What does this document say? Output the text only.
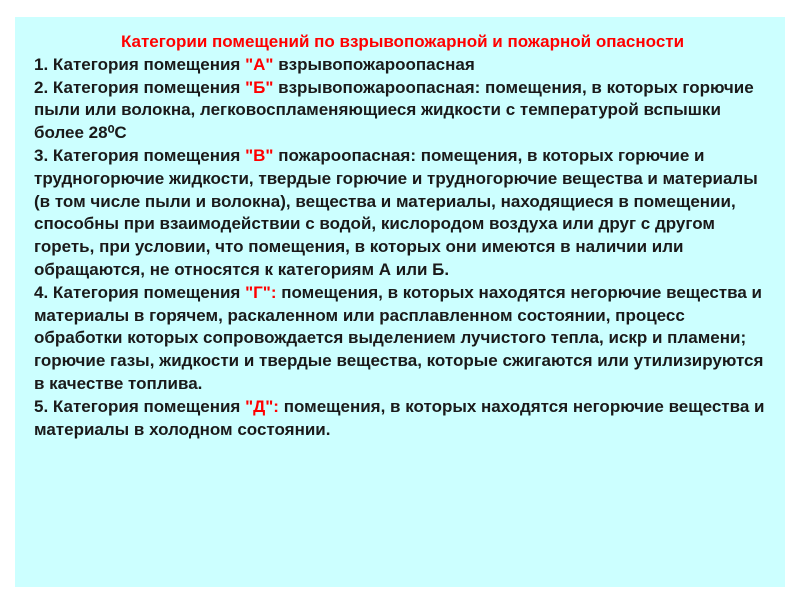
Категории помещений по взрывопожарной и пожарной опасности

1. Категория помещения "А" взрывопожароопасная

2. Категория помещения "Б" взрывопожароопасная: помещения, в которых горючие пыли или волокна, легковоспламеняющиеся жидкости с температурой вспышки более 28⁰С

3. Категория помещения "В" пожароопасная: помещения, в которых горючие и трудногорючие жидкости, твердые горючие и трудногорючие вещества и материалы (в том числе пыли и волокна), вещества и материалы, находящиеся в помещении, способны при взаимодействии с водой, кислородом воздуха или друг с другом гореть, при условии, что помещения, в которых они имеются в наличии или обращаются, не относятся к категориям А или Б.

4. Категория помещения "Г": помещения, в которых находятся негорючие вещества и материалы в горячем, раскаленном или расплавленном состоянии, процесс обработки которых сопровождается выделением лучистого тепла, искр и пламени; горючие газы, жидкости и твердые вещества, которые сжигаются или утилизируются в качестве топлива.

5. Категория помещения "Д": помещения, в которых находятся негорючие вещества и материалы в холодном состоянии.
